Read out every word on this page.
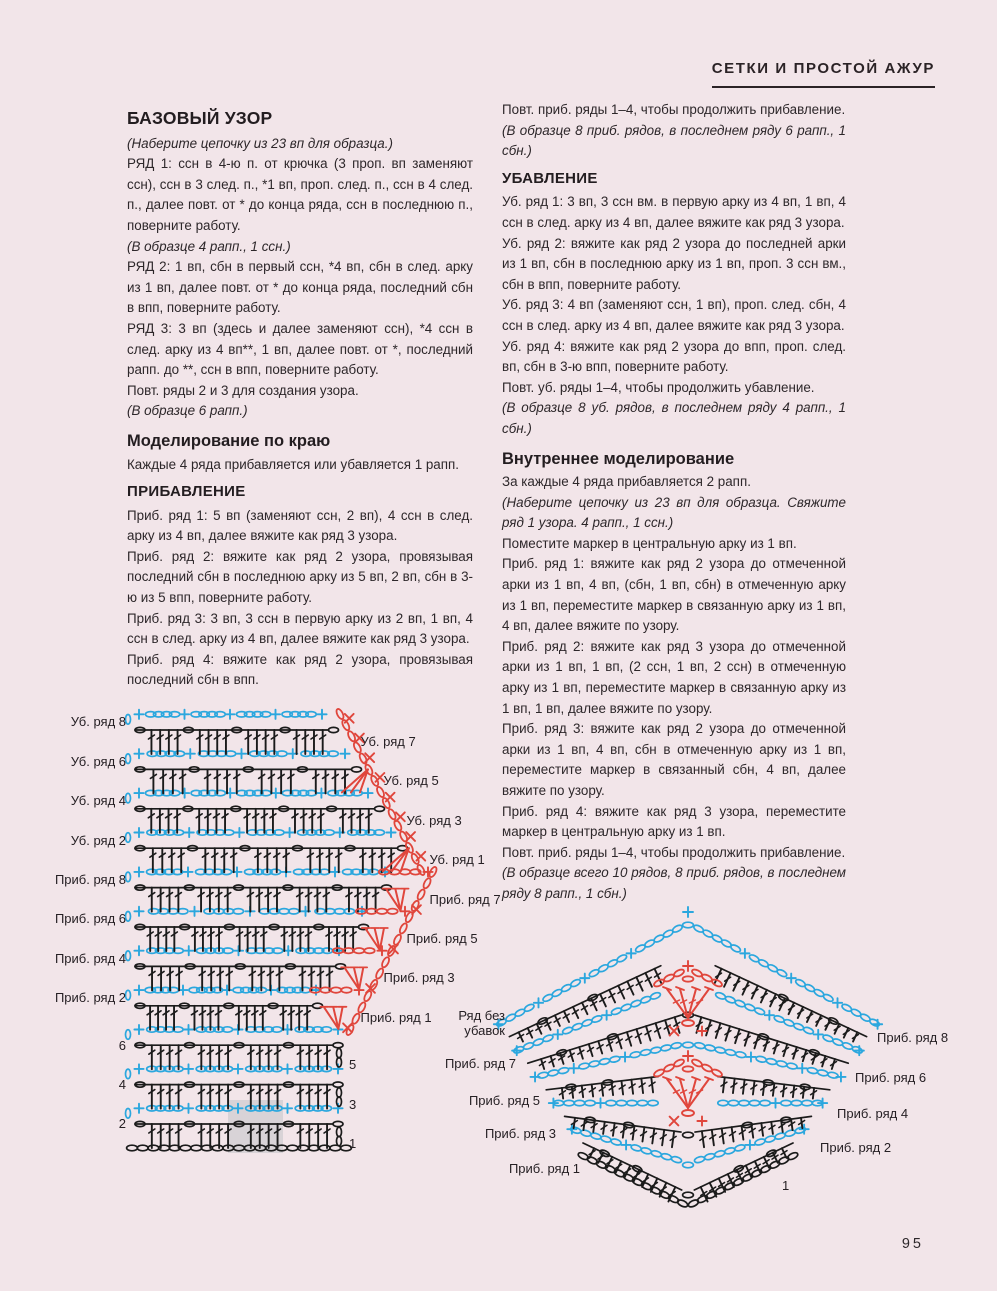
СЕТКИ И ПРОСТОЙ АЖУР
БАЗОВЫЙ УЗОР

(Наберите цепочку из 23 вп для образца.)

РЯД 1: ссн в 4-ю п. от крючка (3 проп. вп заменяют ссн), ссн в 3 след. п., *1 вп, проп. след. п., ссн в 4 след. п., далее повт. от * до конца ряда, ссн в последнюю п., поверните работу.

(В образце 4 рапп., 1 ссн.)

РЯД 2: 1 вп, сбн в первый ссн, *4 вп, сбн в след. арку из 1 вп, далее повт. от * до конца ряда, последний сбн в впп, поверните работу.

РЯД 3: 3 вп (здесь и далее заменяют ссн), *4 ссн в след. арку из 4 вп**, 1 вп, далее повт. от *, последний рапп. до **, ссн в впп, поверните работу.

Повт. ряды 2 и 3 для создания узора.

(В образце 6 рапп.)

Моделирование по краю

Каждые 4 ряда прибавляется или убавляется 1 рапп.

ПРИБАВЛЕНИЕ

Приб. ряд 1: 5 вп (заменяют ссн, 2 вп), 4 ссн в след. арку из 4 вп, далее вяжите как ряд 3 узора.

Приб. ряд 2: вяжите как ряд 2 узора, провязывая последний сбн в последнюю арку из 5 вп, 2 вп, сбн в 3-ю из 5 впп, поверните работу.

Приб. ряд 3: 3 вп, 3 ссн в первую арку из 2 вп, 1 вп, 4 ссн в след. арку из 4 вп, далее вяжите как ряд 3 узора.

Приб. ряд 4: вяжите как ряд 2 узора, провязывая последний сбн в впп.

Повт. приб. ряды 1–4, чтобы продолжить прибавление.

(В образце 8 приб. рядов, в последнем ряду 6 рапп., 1 сбн.)

УБАВЛЕНИЕ

Уб. ряд 1: 3 вп, 3 ссн вм. в первую арку из 4 вп, 1 вп, 4 ссн в след. арку из 4 вп, далее вяжите как ряд 3 узора.

Уб. ряд 2: вяжите как ряд 2 узора до последней арки из 1 вп, сбн в последнюю арку из 1 вп, проп. 3 ссн вм., сбн в впп, поверните работу.

Уб. ряд 3: 4 вп (заменяют ссн, 1 вп), проп. след. сбн, 4 ссн в след. арку из 4 вп, далее вяжите как ряд 3 узора.

Уб. ряд 4: вяжите как ряд 2 узора до впп, проп. след. вп, сбн в 3-ю впп, поверните работу.

Повт. уб. ряды 1–4, чтобы продолжить убавление.

(В образце 8 уб. рядов, в последнем ряду 4 рапп., 1 сбн.)

Внутреннее моделирование

За каждые 4 ряда прибавляется 2 рапп.

(Наберите цепочку из 23 вп для образца. Свяжите ряд 1 узора. 4 рапп., 1 ссн.)

Поместите маркер в центральную арку из 1 вп.

Приб. ряд 1: вяжите как ряд 2 узора до отмеченной арки из 1 вп, 4 вп, (сбн, 1 вп, сбн) в отмеченную арку из 1 вп, переместите маркер в связанную арку из 1 вп, 4 вп, далее вяжите по узору.

Приб. ряд 2: вяжите как ряд 3 узора до отмеченной арки из 1 вп, 1 вп, (2 ссн, 1 вп, 2 ссн) в отмеченную арку из 1 вп, переместите маркер в связанную арку из 1 вп, 1 вп, далее вяжите по узору.

Приб. ряд 3: вяжите как ряд 2 узора до отмеченной арки из 1 вп, 4 вп, сбн в отмеченную арку из 1 вп, переместите маркер в связанный сбн, 4 вп, далее вяжите по узору.

Приб. ряд 4: вяжите как ряд 3 узора, переместите маркер в центральную арку из 1 вп.

Повт. приб. ряды 1–4, чтобы продолжить прибавление.

(В образце всего 10 рядов, 8 приб. рядов, в последнем ряду 8 рапп., 1 сбн.)

Уб. ряд 8
Уб. ряд 6
Уб. ряд 4
Уб. ряд 2
Приб. ряд 8
Приб. ряд 6
Приб. ряд 4
Приб. ряд 2
6
4
2
Уб. ряд 7
Уб. ряд 5
Уб. ряд 3
Уб. ряд 1
Приб. ряд 7
Приб. ряд 5
Приб. ряд 3
Приб. ряд 1
5
3
1
Ряд без убавок
Приб. ряд 7
Приб. ряд 5
Приб. ряд 3
Приб. ряд 1
Приб. ряд 8
Приб. ряд 6
Приб. ряд 4
Приб. ряд 2
1
95
